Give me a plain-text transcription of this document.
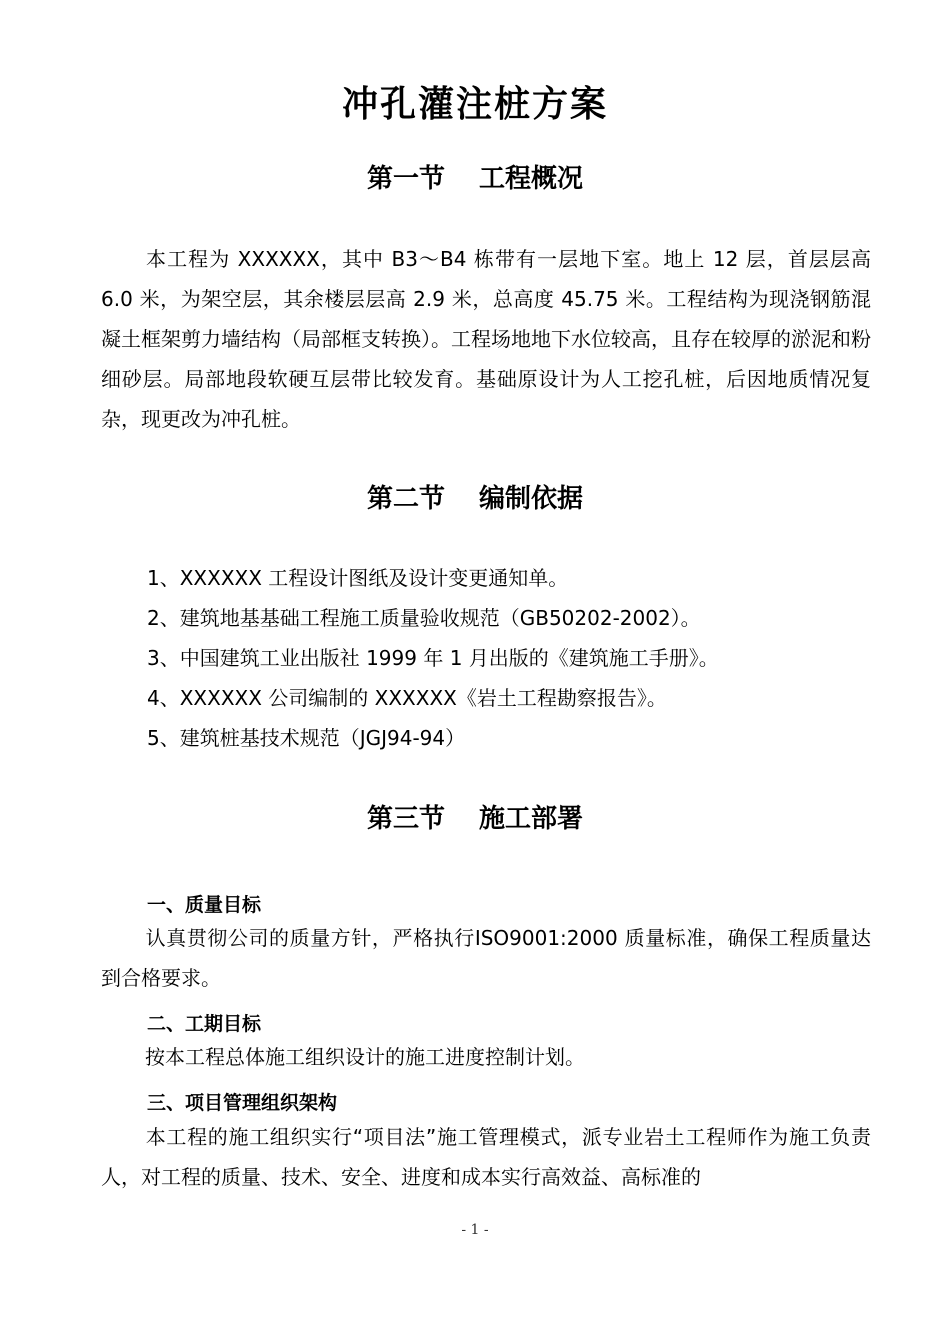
冲孔灌注桩方案
第一节 工程概况

本工程为 XXXXXX，其中 B3～B4 栋带有一层地下室。地上 12 层，首层层高 6.0 米，为架空层，其余楼层层高 2.9 米，总高度 45.75 米。工程结构为现浇钢筋混凝土框架剪力墙结构（局部框支转换）。工程场地地下水位较高，且存在较厚的淤泥和粉细砂层。局部地段软硬互层带比较发育。基础原设计为人工挖孔桩，后因地质情况复杂，现更改为冲孔桩。

第二节 编制依据
1、XXXXXX 工程设计图纸及设计变更通知单。
2、建筑地基基础工程施工质量验收规范（GB50202-2002）。
3、中国建筑工业出版社 1999 年 1 月出版的《建筑施工手册》。
4、XXXXXX 公司编制的 XXXXXX《岩土工程勘察报告》。
5、建筑桩基技术规范（JGJ94-94）
第三节 施工部署
一、质量目标

认真贯彻公司的质量方针，严格执行ISO9001:2000 质量标准，确保工程质量达到合格要求。

二、工期目标

按本工程总体施工组织设计的施工进度控制计划。

三、项目管理组织架构

本工程的施工组织实行“项目法”施工管理模式，派专业岩土工程师作为施工负责人，对工程的质量、技术、安全、进度和成本实行高效益、高标准的

- 1 -
